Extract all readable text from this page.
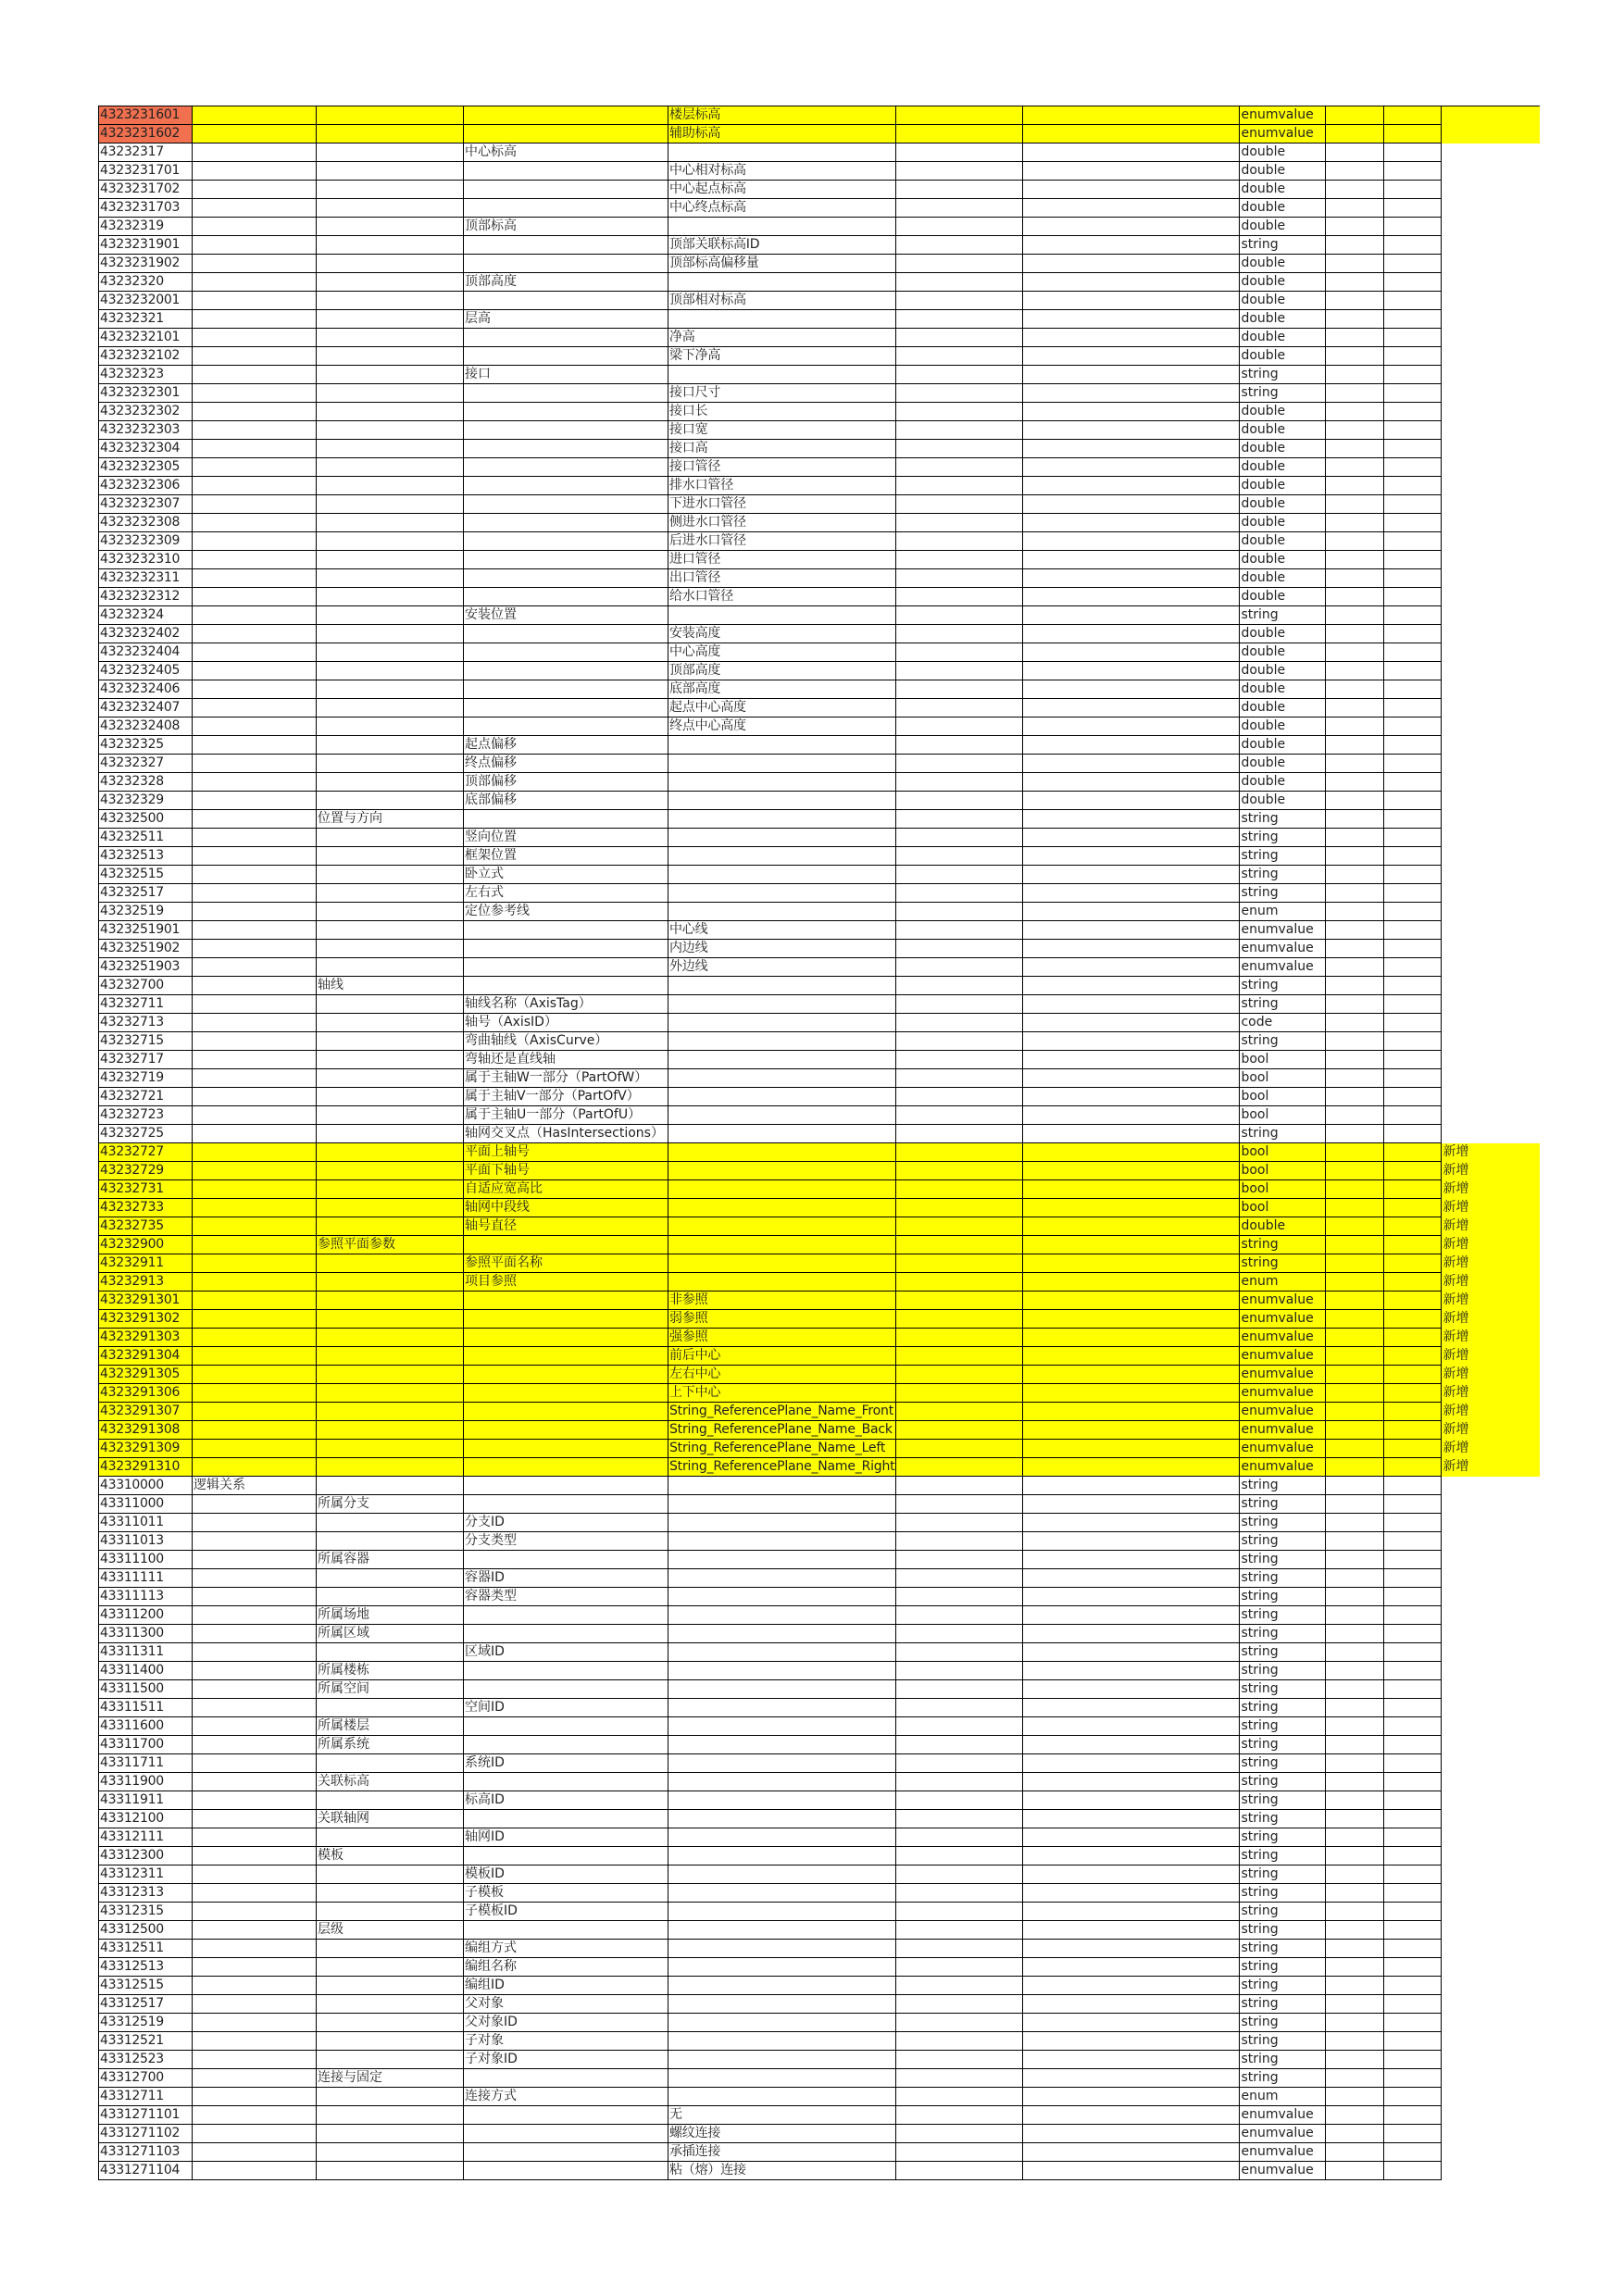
4323231601				楼层标高			enumvalue			
4323231602				辅助标高			enumvalue			
43232317			中心标高				double			
4323231701				中心相对标高			double			
4323231702				中心起点标高			double			
4323231703				中心终点标高			double			
43232319			顶部标高				double			
4323231901				顶部关联标高ID			string			
4323231902				顶部标高偏移量			double			
43232320			顶部高度				double			
4323232001				顶部相对标高			double			
43232321			层高				double			
4323232101				净高			double			
4323232102				梁下净高			double			
43232323			接口				string			
4323232301				接口尺寸			string			
4323232302				接口长			double			
4323232303				接口宽			double			
4323232304				接口高			double			
4323232305				接口管径			double			
4323232306				排水口管径			double			
4323232307				下进水口管径			double			
4323232308				侧进水口管径			double			
4323232309				后进水口管径			double			
4323232310				进口管径			double			
4323232311				出口管径			double			
4323232312				给水口管径			double			
43232324			安装位置				string			
4323232402				安装高度			double			
4323232404				中心高度			double			
4323232405				顶部高度			double			
4323232406				底部高度			double			
4323232407				起点中心高度			double			
4323232408				终点中心高度			double			
43232325			起点偏移				double			
43232327			终点偏移				double			
43232328			顶部偏移				double			
43232329			底部偏移				double			
43232500		位置与方向					string			
43232511			竖向位置				string			
43232513			框架位置				string			
43232515			卧立式				string			
43232517			左右式				string			
43232519			定位参考线				enum			
4323251901				中心线			enumvalue			
4323251902				内边线			enumvalue			
4323251903				外边线			enumvalue			
43232700		轴线					string			
43232711			轴线名称（AxisTag）				string			
43232713			轴号（AxisID）				code			
43232715			弯曲轴线（AxisCurve）				string			
43232717			弯轴还是直线轴				bool			
43232719			属于主轴W一部分（PartOfW）				bool			
43232721			属于主轴V一部分（PartOfV）				bool			
43232723			属于主轴U一部分（PartOfU）				bool			
43232725			轴网交叉点（HasIntersections）				string			
43232727			平面上轴号				bool			新增
43232729			平面下轴号				bool			新增
43232731			自适应宽高比				bool			新增
43232733			轴网中段线				bool			新增
43232735			轴号直径				double			新增
43232900		参照平面参数					string			新增
43232911			参照平面名称				string			新增
43232913			项目参照				enum			新增
4323291301				非参照			enumvalue			新增
4323291302				弱参照			enumvalue			新增
4323291303				强参照			enumvalue			新增
4323291304				前后中心			enumvalue			新增
4323291305				左右中心			enumvalue			新增
4323291306				上下中心			enumvalue			新增
4323291307				String_ReferencePlane_Name_Front			enumvalue			新增
4323291308				String_ReferencePlane_Name_Back			enumvalue			新增
4323291309				String_ReferencePlane_Name_Left			enumvalue			新增
4323291310				String_ReferencePlane_Name_Right			enumvalue			新增
43310000	逻辑关系						string			
43311000		所属分支					string			
43311011			分支ID				string			
43311013			分支类型				string			
43311100		所属容器					string			
43311111			容器ID				string			
43311113			容器类型				string			
43311200		所属场地					string			
43311300		所属区域					string			
43311311			区域ID				string			
43311400		所属楼栋					string			
43311500		所属空间					string			
43311511			空间ID				string			
43311600		所属楼层					string			
43311700		所属系统					string			
43311711			系统ID				string			
43311900		关联标高					string			
43311911			标高ID				string			
43312100		关联轴网					string			
43312111			轴网ID				string			
43312300		模板					string			
43312311			模板ID				string			
43312313			子模板				string			
43312315			子模板ID				string			
43312500		层级					string			
43312511			编组方式				string			
43312513			编组名称				string			
43312515			编组ID				string			
43312517			父对象				string			
43312519			父对象ID				string			
43312521			子对象				string			
43312523			子对象ID				string			
43312700		连接与固定					string			
43312711			连接方式				enum			
4331271101				无			enumvalue			
4331271102				螺纹连接			enumvalue			
4331271103				承插连接			enumvalue			
4331271104				粘（熔）连接			enumvalue			
